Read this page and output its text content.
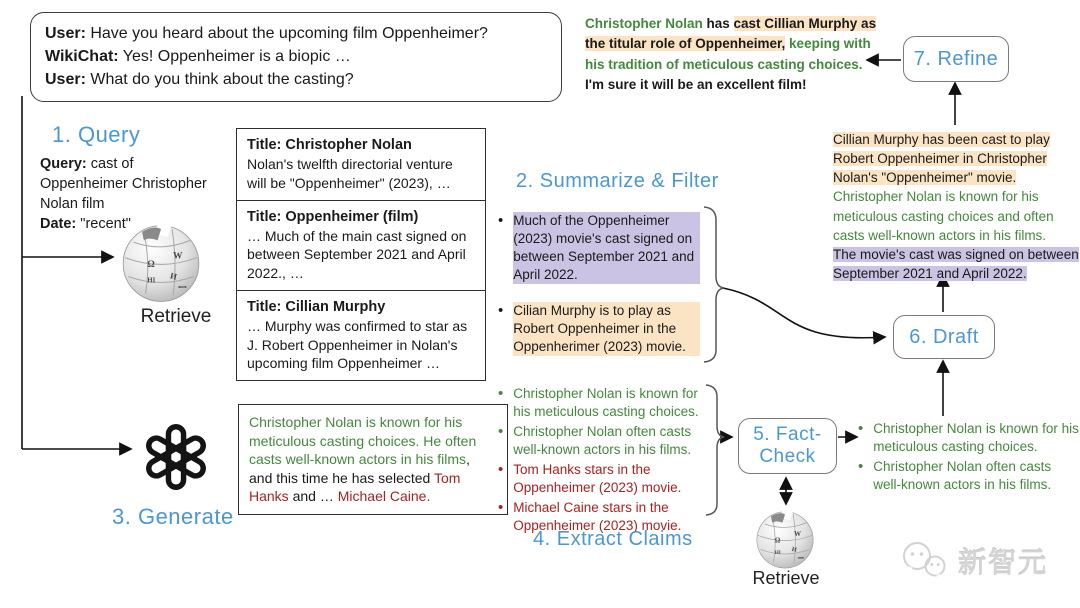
User: Have you heard about the upcoming film Oppenheimer?
WikiChat: Yes! Oppenheimer is a biopic …
User: What do you think about the casting?
Christopher Nolan has cast Cillian Murphy as the titular role of Oppenheimer, keeping with his tradition of meticulous casting choices. I'm sure it will be an excellent film!
7. Refine
1. Query
Query: cast of Oppenheimer Christopher Nolan film
Date: "recent"
Retrieve
Title: Christopher Nolan
Nolan's twelfth directorial venture will be "Oppenheimer" (2023), …
Title: Oppenheimer (film)
… Much of the main cast signed on between September 2021 and April 2022., …
Title: Cillian Murphy
… Murphy was confirmed to star as J. Robert Oppenheimer in Nolan's upcoming film Oppenheimer …
2. Summarize & Filter
• Much of the Oppenheimer (2023) movie's cast signed on between September 2021 and April 2022.
• Cilian Murphy is to play as Robert Oppenheimer in the Oppenherimer (2023) movie.
Cillian Murphy has been cast to play Robert Oppenheimer in Christopher Nolan's "Oppenheimer" movie.
Christopher Nolan is known for his meticulous casting choices and often casts well-known actors in his films.
The movie's cast was signed on between September 2021 and April 2022.
6. Draft
3. Generate
Christopher Nolan is known for his meticulous casting choices. He often casts well-known actors in his films, and this time he has selected Tom Hanks and … Michael Caine.
• Christopher Nolan is known for his meticulous casting choices.
• Christopher Nolan often casts well-known actors in his films.
• Tom Hanks stars in the Oppenheimer (2023) movie.
• Michael Caine stars in the Oppenheimer (2023) movie.
4. Extract Claims
5. Fact-Check
• Christopher Nolan is known for his meticulous casting choices.
• Christopher Nolan often casts well-known actors in his films.
Retrieve	新智元
